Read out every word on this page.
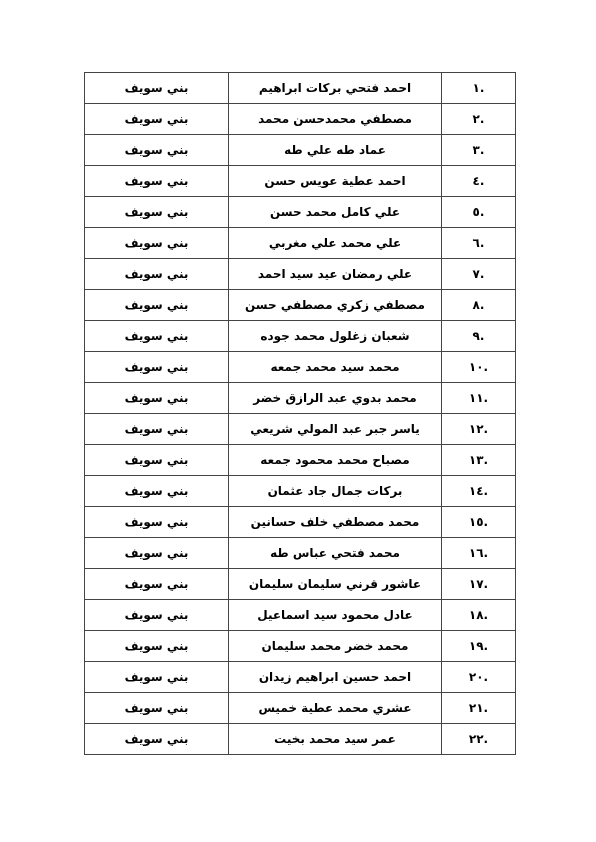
.١	احمد فتحي بركات ابراهيم	بني سويف
.٢	مصطفي محمدحسن محمد	بني سويف
.٣	عماد طه علي طه	بني سويف
.٤	احمد عطية عويس حسن	بني سويف
.٥	علي كامل محمد حسن	بني سويف
.٦	علي محمد علي مغربي	بني سويف
.٧	علي رمضان عيد سيد احمد	بني سويف
.٨	مصطفي زكري مصطفي حسن	بني سويف
.٩	شعبان زغلول محمد جوده	بني سويف
.١٠	محمد سيد محمد جمعه	بني سويف
.١١	محمد بدوي عبد الرازق خضر	بني سويف
.١٢	ياسر جبر عبد المولي شريعي	بني سويف
.١٣	مصباح محمد محمود جمعه	بني سويف
.١٤	بركات جمال جاد عثمان	بني سويف
.١٥	محمد مصطفي خلف حسانين	بني سويف
.١٦	محمد فتحي عباس طه	بني سويف
.١٧	عاشور قرني سليمان سليمان	بني سويف
.١٨	عادل محمود سيد اسماعيل	بني سويف
.١٩	محمد خضر محمد سليمان	بني سويف
.٢٠	احمد حسين ابراهيم زيدان	بني سويف
.٢١	عشري محمد عطية خميس	بني سويف
.٢٢	عمر سيد محمد بخيت	بني سويف
